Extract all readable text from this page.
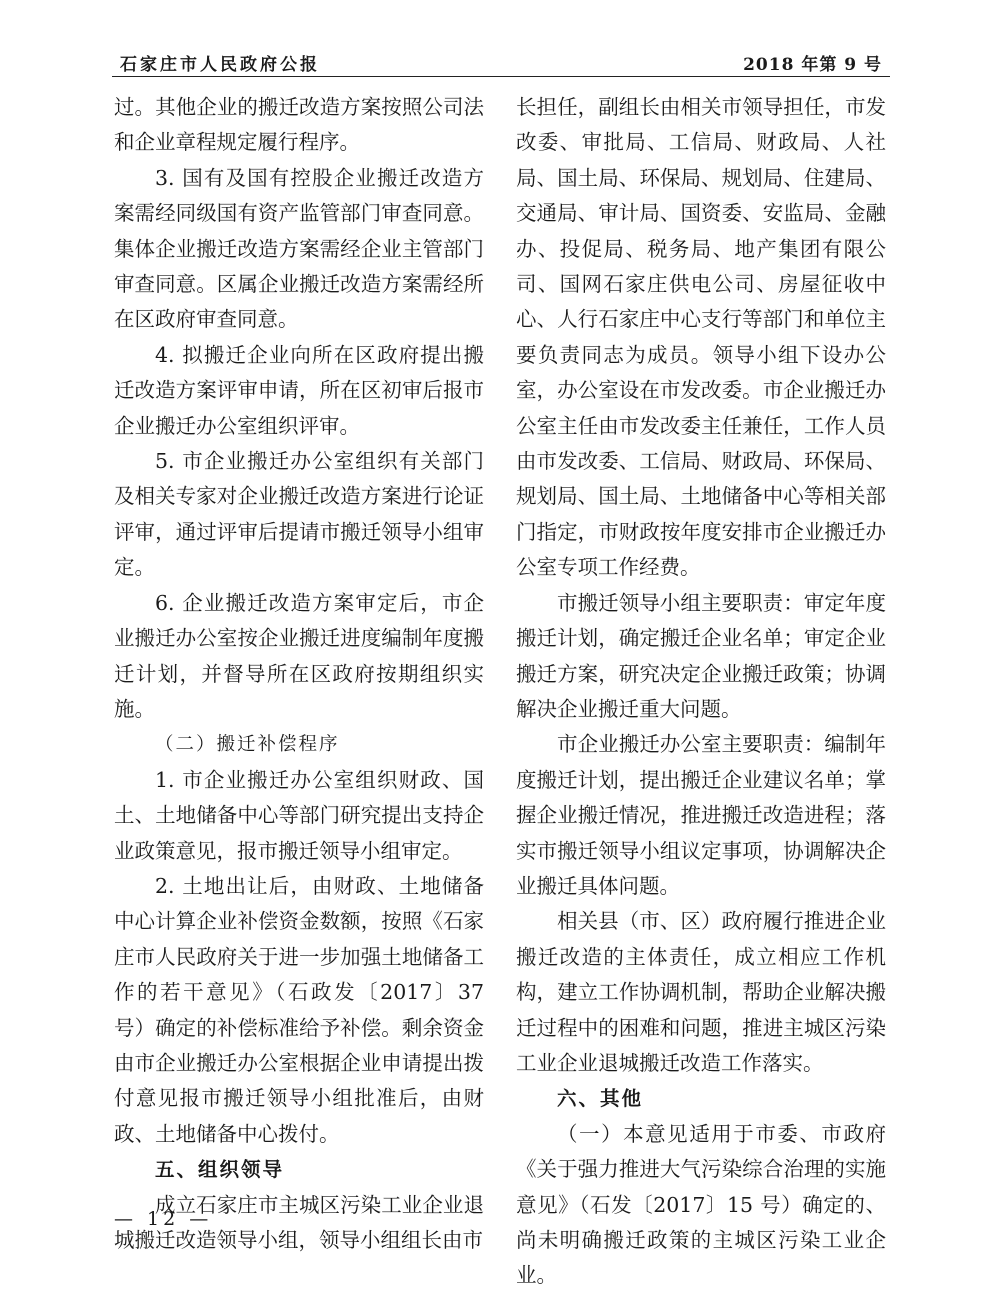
石家庄市人民政府公报	2018 年第 9 号

过。其他企业的搬迁改造方案按照公司法和企业章程规定履行程序。

3. 国有及国有控股企业搬迁改造方案需经同级国有资产监管部门审查同意。集体企业搬迁改造方案需经企业主管部门审查同意。区属企业搬迁改造方案需经所在区政府审查同意。

4. 拟搬迁企业向所在区政府提出搬迁改造方案评审申请，所在区初审后报市企业搬迁办公室组织评审。

5. 市企业搬迁办公室组织有关部门及相关专家对企业搬迁改造方案进行论证评审，通过评审后提请市搬迁领导小组审定。

6. 企业搬迁改造方案审定后，市企业搬迁办公室按企业搬迁进度编制年度搬迁计划，并督导所在区政府按期组织实施。

（二）搬迁补偿程序

1. 市企业搬迁办公室组织财政、国土、土地储备中心等部门研究提出支持企业政策意见，报市搬迁领导小组审定。

2. 土地出让后，由财政、土地储备中心计算企业补偿资金数额，按照《石家庄市人民政府关于进一步加强土地储备工作的若干意见》（石政发〔2017〕37 号）确定的补偿标准给予补偿。剩余资金由市企业搬迁办公室根据企业申请提出拨付意见报市搬迁领导小组批准后，由财政、土地储备中心拨付。

五、组织领导

成立石家庄市主城区污染工业企业退城搬迁改造领导小组，领导小组组长由市

长担任，副组长由相关市领导担任，市发改委、审批局、工信局、财政局、人社局、国土局、环保局、规划局、住建局、交通局、审计局、国资委、安监局、金融办、投促局、税务局、地产集团有限公司、国网石家庄供电公司、房屋征收中心、人行石家庄中心支行等部门和单位主要负责同志为成员。领导小组下设办公室，办公室设在市发改委。市企业搬迁办公室主任由市发改委主任兼任，工作人员由市发改委、工信局、财政局、环保局、规划局、国土局、土地储备中心等相关部门指定，市财政按年度安排市企业搬迁办公室专项工作经费。

市搬迁领导小组主要职责：审定年度搬迁计划，确定搬迁企业名单；审定企业搬迁方案，研究决定企业搬迁政策；协调解决企业搬迁重大问题。

市企业搬迁办公室主要职责：编制年度搬迁计划，提出搬迁企业建议名单；掌握企业搬迁情况，推进搬迁改造进程；落实市搬迁领导小组议定事项，协调解决企业搬迁具体问题。

相关县（市、区）政府履行推进企业搬迁改造的主体责任，成立相应工作机构，建立工作协调机制，帮助企业解决搬迁过程中的困难和问题，推进主城区污染工业企业退城搬迁改造工作落实。

六、其他

（一）本意见适用于市委、市政府《关于强力推进大气污染综合治理的实施意见》（石发〔2017〕15 号）确定的、尚未明确搬迁政策的主城区污染工业企业。

— 12 —
